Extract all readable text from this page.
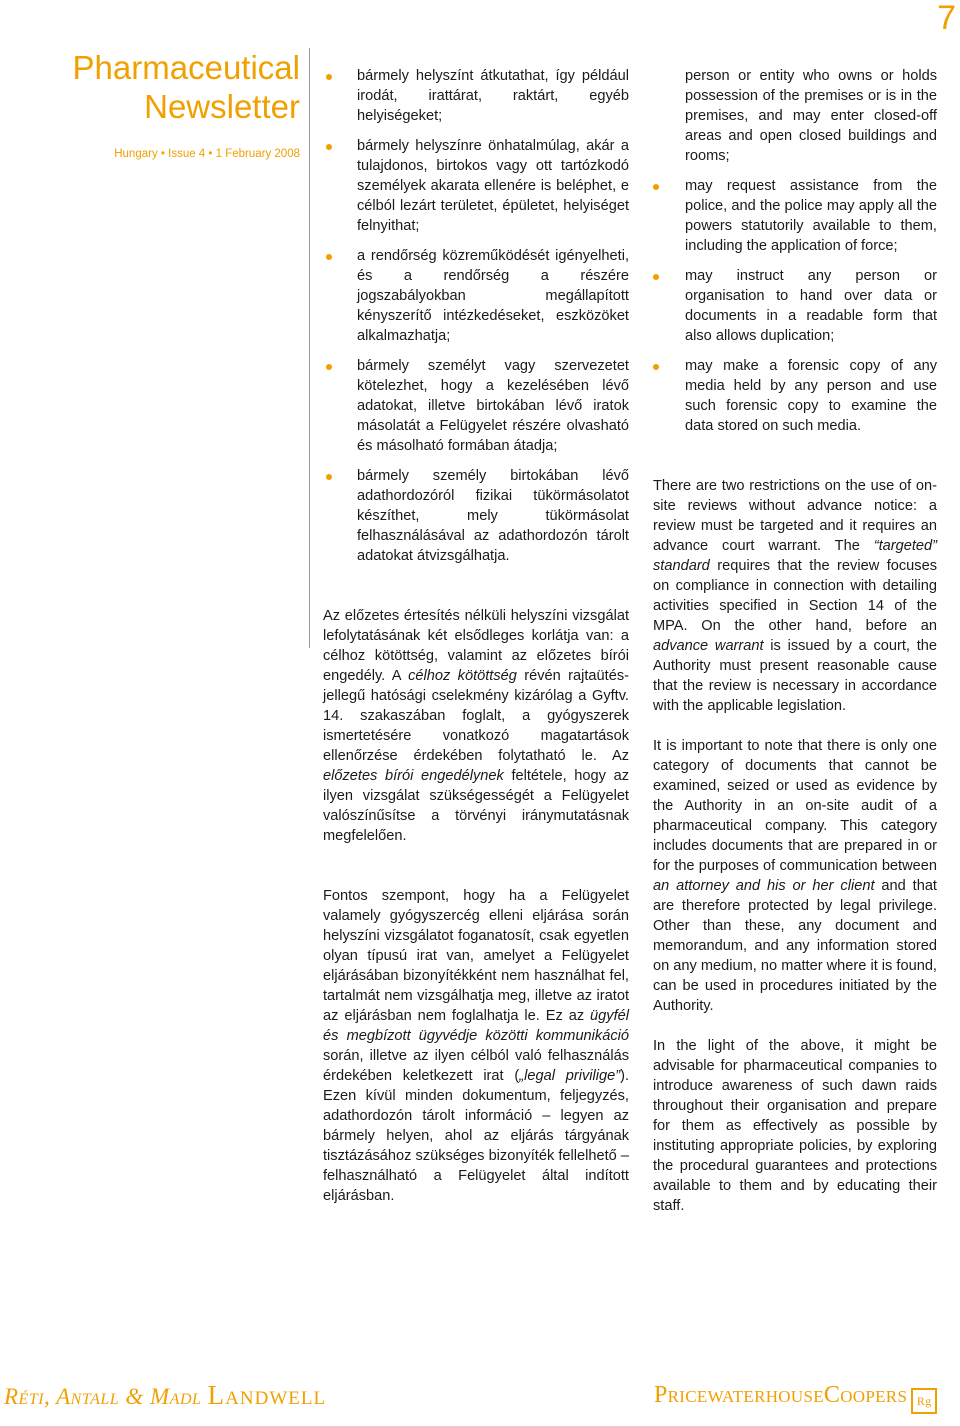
7
Pharmaceutical
Newsletter
Hungary • Issue 4 • 1 February 2008
bármely helyszínt átkutathat, így például irodát, irattárat, raktárt, egyéb helyiségeket;
bármely helyszínre önhatalmúlag, akár a tulajdonos, birtokos vagy ott tartózkodó személyek akarata ellenére is beléphet, e célból lezárt területet, épületet, helyiséget felnyithat;
a rendőrség közreműködését igényelheti, és a rendőrség a részére jogszabályokban megállapított kényszerítő intézkedéseket, eszközöket alkalmazhatja;
bármely személyt vagy szervezetet kötelezhet, hogy a kezelésében lévő adatokat, illetve birtokában lévő iratok másolatát a Felügyelet részére olvasható és másolható formában átadja;
bármely személy birtokában lévő adathordozóról fizikai tükörmásolatot készíthet, mely tükörmásolat felhasználásával az adathordozón tárolt adatokat átvizsgálhatja.

Az előzetes értesítés nélküli helyszíni vizsgálat lefolytatásának két elsődleges korlátja van: a célhoz kötöttség, valamint az előzetes bírói engedély. A célhoz kötöttség révén rajtaütés-jellegű hatósági cselekmény kizárólag a Gyftv. 14. szakaszában foglalt, a gyógyszerek ismertetésére vonatkozó magatartások ellenőrzése érdekében folytatható le. Az előzetes bírói engedélynek feltétele, hogy az ilyen vizsgálat szükségességét a Felügyelet valószínűsítse a törvényi iránymutatásnak megfelelően.

Fontos szempont, hogy ha a Felügyelet valamely gyógyszercég elleni eljárása során helyszíni vizsgálatot foganatosít, csak egyetlen olyan típusú irat van, amelyet a Felügyelet eljárásában bizonyítékként nem használhat fel, tartalmát nem vizsgálhatja meg, illetve az iratot az eljárásban nem foglalhatja le. Ez az ügyfél és megbízott ügyvédje közötti kommunikáció során, illetve az ilyen célból való felhasználás érdekében keletkezett irat („legal privilige”). Ezen kívül minden dokumentum, feljegyzés, adathordozón tárolt információ – legyen az bármely helyen, ahol az eljárás tárgyának tisztázásához szükséges bizonyíték fellelhető – felhasználható a Felügyelet által indított eljárásban.

person or entity who owns or holds possession of the premises or is in the premises, and may enter closed-off areas and open closed buildings and rooms;
may request assistance from the police, and the police may apply all the powers statutorily available to them, including the application of force;
may instruct any person or organisation to hand over data or documents in a readable form that also allows duplication;
may make a forensic copy of any media held by any person and use such forensic copy to examine the data stored on such media.

There are two restrictions on the use of on-site reviews without advance notice: a review must be targeted and it requires an advance court warrant. The “targeted” standard requires that the review focuses on compliance in connection with detailing activities specified in Section 14 of the MPA. On the other hand, before an advance warrant is issued by a court, the Authority must present reasonable cause that the review is necessary in accordance with the applicable legislation.

It is important to note that there is only one category of documents that cannot be examined, seized or used as evidence by the Authority in an on-site audit of a pharmaceutical company. This category includes documents that are prepared in or for the purposes of communication between an attorney and his or her client and that are therefore protected by legal privilege. Other than these, any document and memorandum, and any information stored on any medium, no matter where it is found, can be used in procedures initiated by the Authority.

In the light of the above, it might be advisable for pharmaceutical companies to introduce awareness of such dawn raids throughout their organisation and prepare for them as effectively as possible by instituting appropriate policies, by exploring the procedural guarantees and protections available to them and by educating their staff.

Réti, Antall & Madl Landwell	PricewaterhouseCoopers Rg
